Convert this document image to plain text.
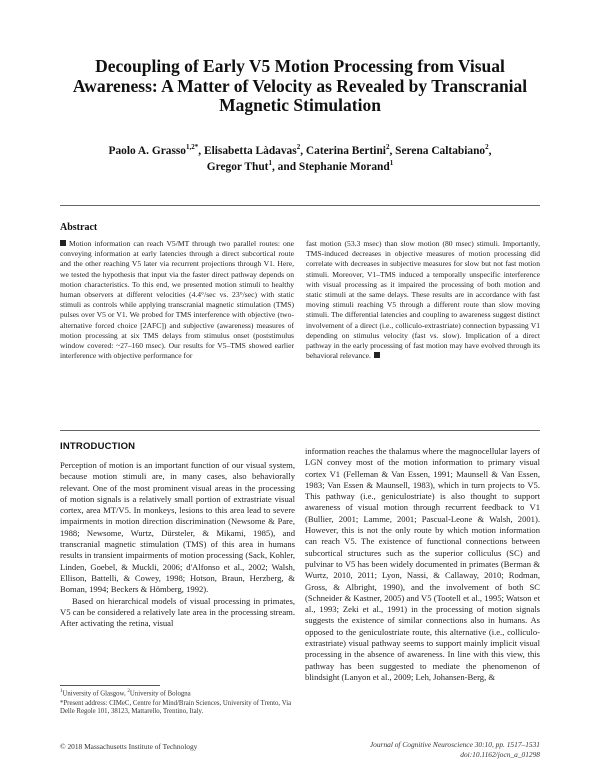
Decoupling of Early V5 Motion Processing from Visual Awareness: A Matter of Velocity as Revealed by Transcranial Magnetic Stimulation
Paolo A. Grasso$^{1,2*}$, Elisabetta Làdavas$^2$, Caterina Bertini$^2$, Serena Caltabiano$^2$,
Gregor Thut$^1$, and Stephanie Morand$^1$
Abstract

Motion information can reach V5/MT through two parallel routes: one conveying information at early latencies through a direct subcortical route and the other reaching V5 later via recurrent projections through V1. Here, we tested the hypothesis that input via the faster direct pathway depends on motion characteristics. To this end, we presented motion stimuli to healthy human observers at different velocities (4.4°/sec vs. 23°/sec) with static stimuli as controls while applying transcranial magnetic stimulation (TMS) pulses over V5 or V1. We probed for TMS interference with objective (two-alternative forced choice [2AFC]) and subjective (awareness) measures of motion processing at six TMS delays from stimulus onset (poststimulus window covered: ~27–160 msec). Our results for V5–TMS showed earlier interference with objective performance for

fast motion (53.3 msec) than slow motion (80 msec) stimuli. Importantly, TMS-induced decreases in objective measures of motion processing did correlate with decreases in subjective measures for slow but not fast motion stimuli. Moreover, V1–TMS induced a temporally unspecific interference with visual processing as it impaired the processing of both motion and static stimuli at the same delays. These results are in accordance with fast moving stimuli reaching V5 through a different route than slow moving stimuli. The differential latencies and coupling to awareness suggest distinct involvement of a direct (i.e., colliculo-extrastriate) connection bypassing V1 depending on stimulus velocity (fast vs. slow). Implication of a direct pathway in the early processing of fast motion may have evolved through its behavioral relevance.

INTRODUCTION

Perception of motion is an important function of our visual system, because motion stimuli are, in many cases, also behaviorally relevant. One of the most prominent visual areas in the processing of motion signals is a relatively small portion of extrastriate visual cortex, area MT/V5. In monkeys, lesions to this area lead to severe impairments in motion direction discrimination (Newsome & Pare, 1988; Newsome, Wurtz, Dürsteler, & Mikami, 1985), and transcranial magnetic stimulation (TMS) of this area in humans results in transient impairments of motion processing (Sack, Kohler, Linden, Goebel, & Muckli, 2006; d'Alfonso et al., 2002; Walsh, Ellison, Battelli, & Cowey, 1998; Hotson, Braun, Herzberg, & Boman, 1994; Beckers & Hömberg, 1992).

Based on hierarchical models of visual processing in primates, V5 can be considered a relatively late area in the processing stream. After activating the retina, visual

information reaches the thalamus where the magnocellular layers of LGN convey most of the motion information to primary visual cortex V1 (Felleman & Van Essen, 1991; Maunsell & Van Essen, 1983; Van Essen & Maunsell, 1983), which in turn projects to V5. This pathway (i.e., geniculostriate) is also thought to support awareness of visual motion through recurrent feedback to V1 (Bullier, 2001; Lamme, 2001; Pascual-Leone & Walsh, 2001). However, this is not the only route by which motion information can reach V5. The existence of functional connections between subcortical structures such as the superior colliculus (SC) and pulvinar to V5 has been widely documented in primates (Berman & Wurtz, 2010, 2011; Lyon, Nassi, & Callaway, 2010; Rodman, Gross, & Albright, 1990), and the involvement of both SC (Schneider & Kastner, 2005) and V5 (Tootell et al., 1995; Watson et al., 1993; Zeki et al., 1991) in the processing of motion signals suggests the existence of similar connections also in humans. As opposed to the geniculostriate route, this alternative (i.e., colliculo-extrastriate) visual pathway seems to support mainly implicit visual processing in the absence of awareness. In line with this view, this pathway has been suggested to mediate the phenomenon of blindsight (Lanyon et al., 2009; Leh, Johansen-Berg, &

$^1$University of Glasgow, $^2$University of Bologna

*Present address: CIMeC, Centre for Mind/Brain Sciences, University of Trento, Via Delle Regole 101, 38123, Mattarello, Trentino, Italy.

© 2018 Massachusetts Institute of Technology	Journal of Cognitive Neuroscience 30:10, pp. 1517–1531
doi:10.1162/jocn_a_01298
